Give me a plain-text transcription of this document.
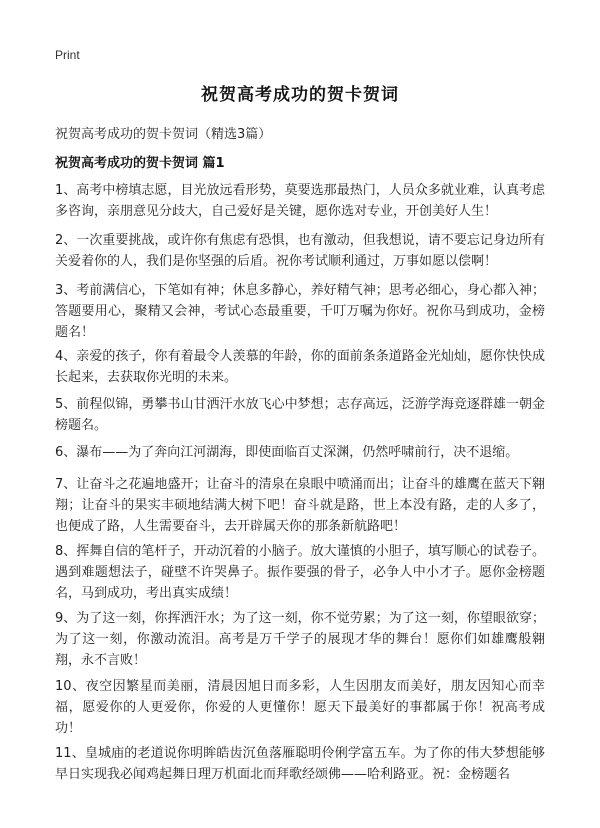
Print
祝贺高考成功的贺卡贺词
祝贺高考成功的贺卡贺词（精选3篇）
祝贺高考成功的贺卡贺词 篇1

1、高考中榜填志愿，目光放远看形势，莫要选那最热门，人员众多就业难，认真考虑多咨询，亲朋意见分歧大，自己爱好是关键，愿你选对专业，开创美好人生！

2、一次重要挑战，或许你有焦虑有恐惧，也有激动，但我想说，请不要忘记身边所有关爱着你的人，我们是你坚强的后盾。祝你考试顺利通过，万事如愿以偿啊！

3、考前满信心，下笔如有神；休息多静心，养好精气神；思考必细心，身心都入神；答题要用心，聚精又会神，考试心态最重要，千叮万嘱为你好。祝你马到成功，金榜题名！

4、亲爱的孩子，你有着最令人羡慕的年龄，你的面前条条道路金光灿灿，愿你快快成长起来，去获取你光明的未来。

5、前程似锦，勇攀书山甘洒汗水放飞心中梦想；志存高远，泛游学海竞逐群雄一朝金榜题名。

6、瀑布——为了奔向江河湖海，即使面临百丈深渊，仍然呼啸前行，决不退缩。

7、让奋斗之花遍地盛开；让奋斗的清泉在泉眼中喷涌而出；让奋斗的雄鹰在蓝天下翱翔；让奋斗的果实丰硕地结满大树下吧！奋斗就是路，世上本没有路，走的人多了，也便成了路，人生需要奋斗，去开辟属天你的那条新航路吧！

8、挥舞自信的笔杆子，开动沉着的小脑子。放大谨慎的小胆子，填写顺心的试卷子。遇到难题想法子，碰壁不许哭鼻子。振作要强的骨子，必争人中小才子。愿你金榜题名，马到成功，考出真实成绩！

9、为了这一刻，你挥洒汗水；为了这一刻，你不觉劳累；为了这一刻，你望眼欲穿；为了这一刻，你激动流泪。高考是万千学子的展现才华的舞台！愿你们如雄鹰般翱翔，永不言败！

10、夜空因繁星而美丽，清晨因旭日而多彩，人生因朋友而美好，朋友因知心而幸福，愿爱你的人更爱你，你爱的人更懂你！愿天下最美好的事都属于你！祝高考成功！

11、皇城庙的老道说你明眸皓齿沉鱼落雁聪明伶俐学富五车。为了你的伟大梦想能够早日实现我必闻鸡起舞日理万机面北而拜歌经颂佛——哈利路亚。祝：金榜题名
